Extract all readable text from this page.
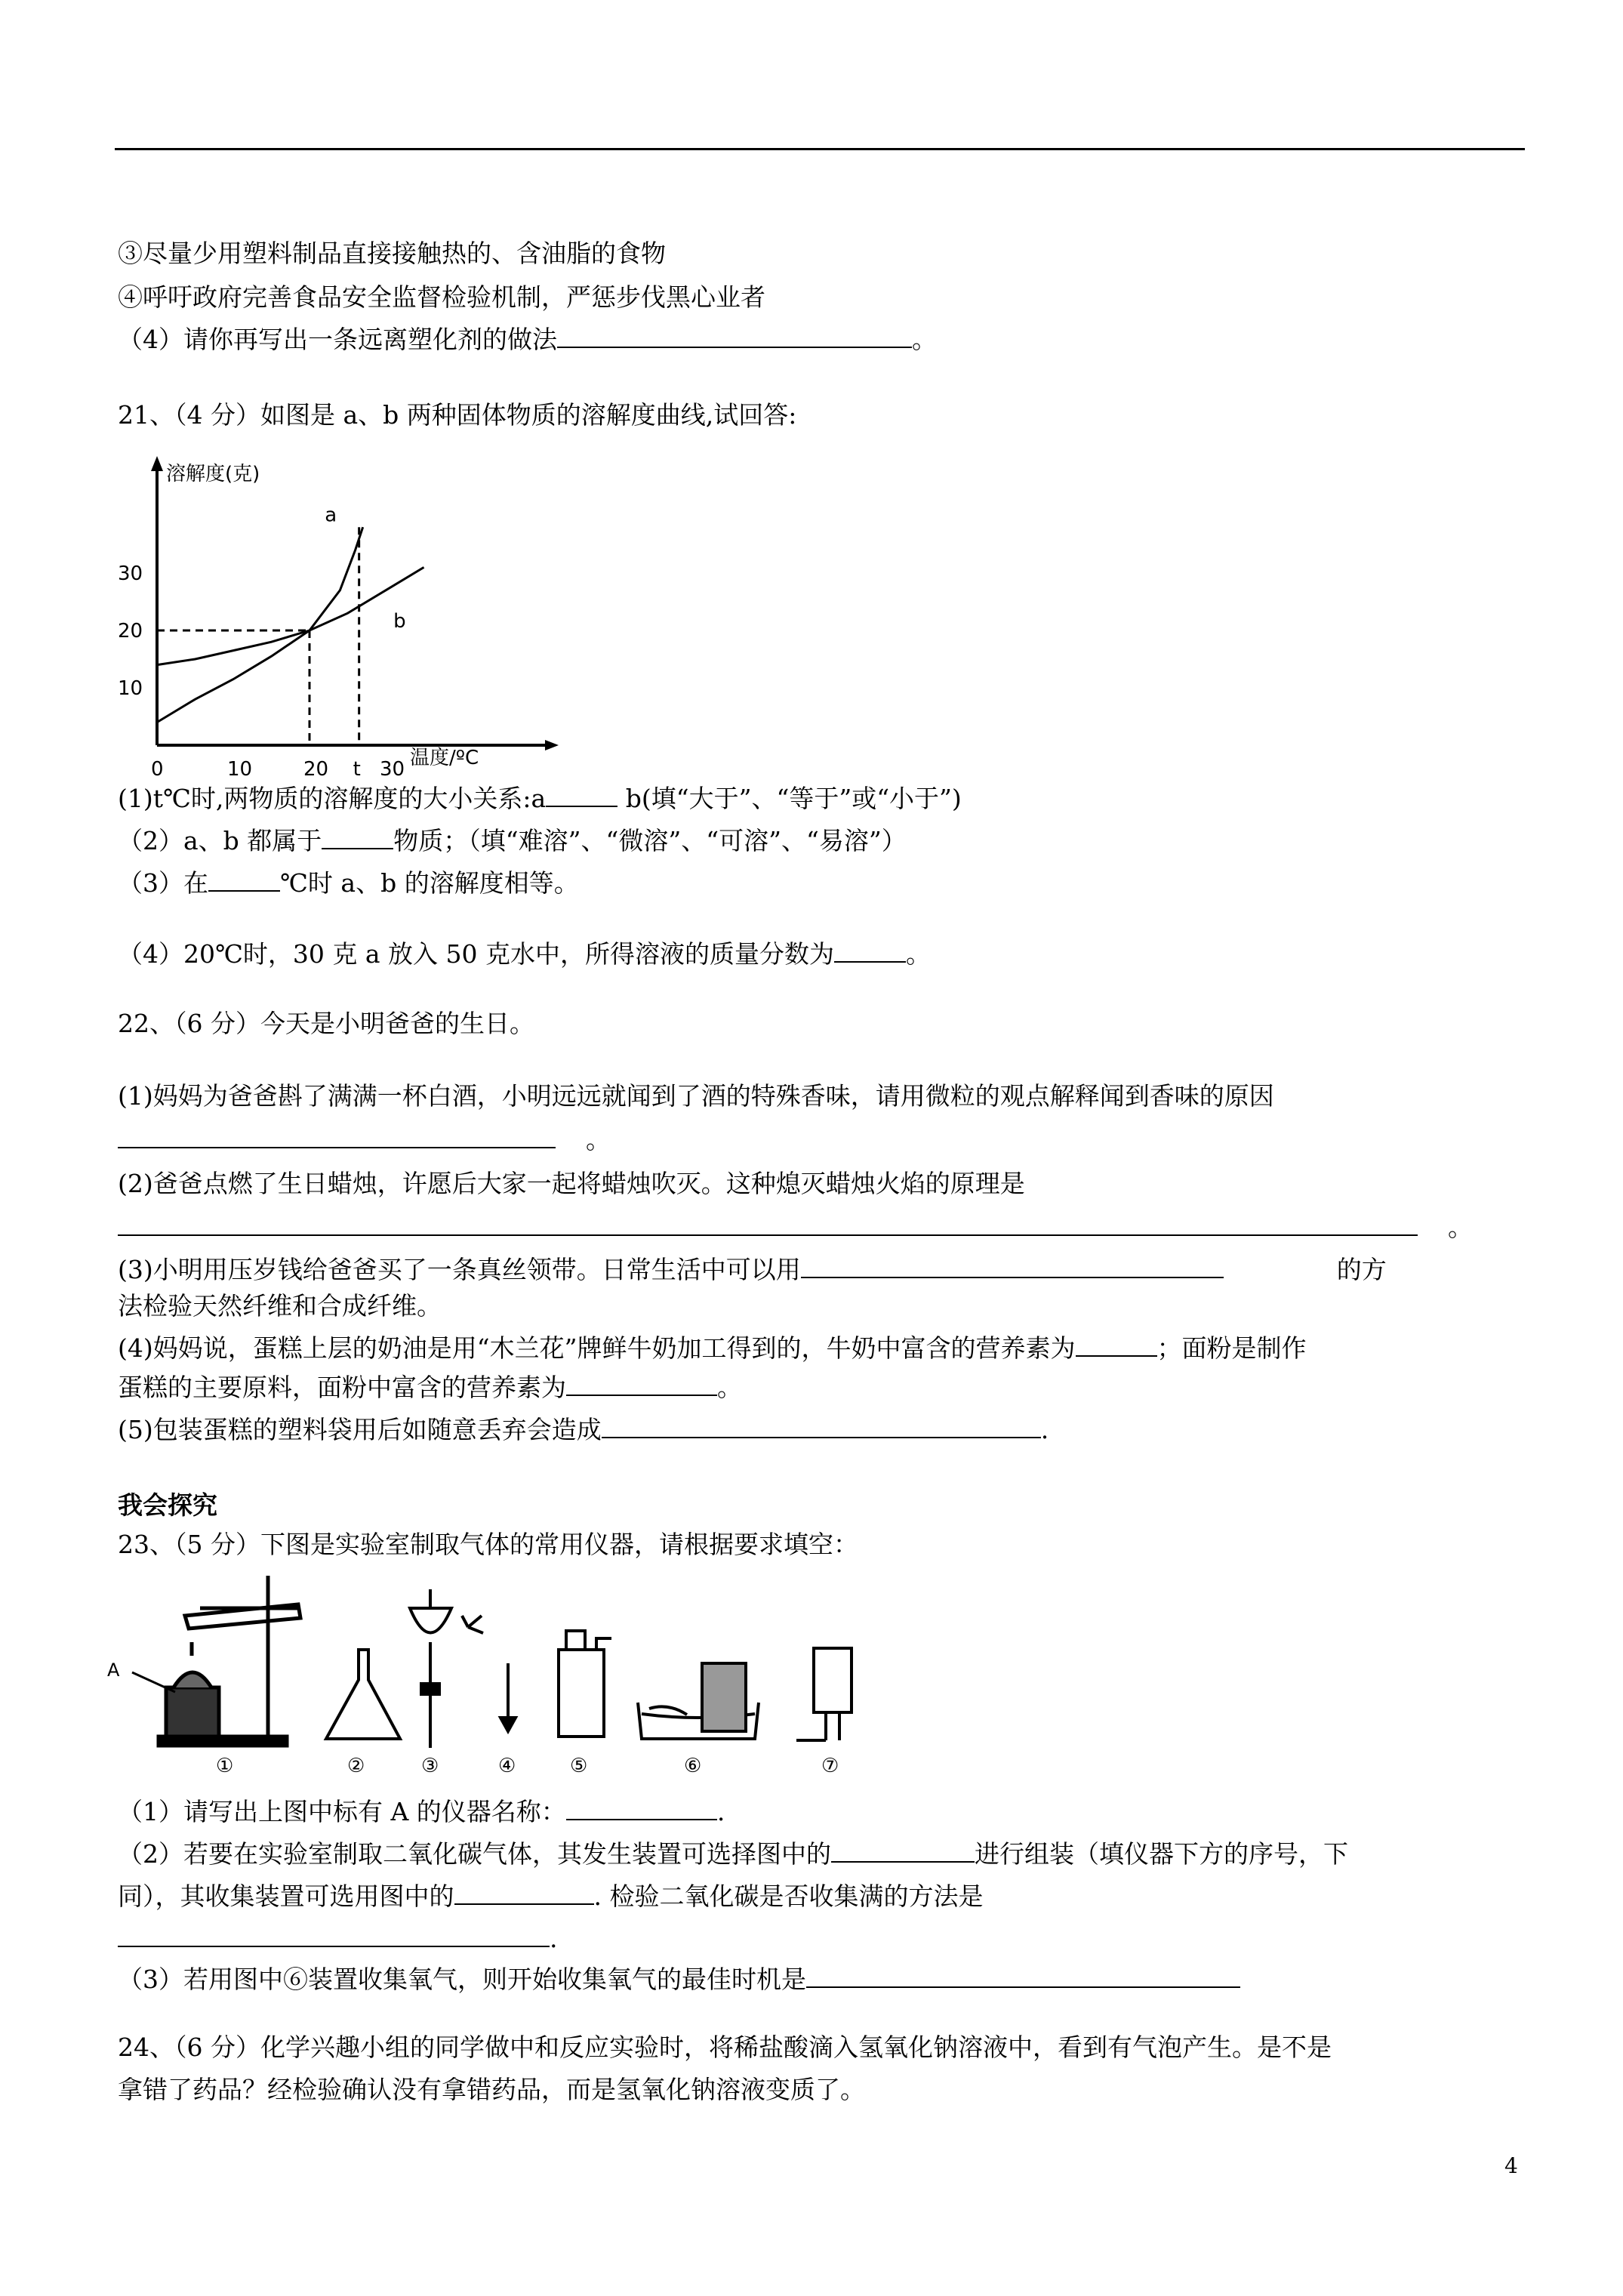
③尽量少用塑料制品直接接触热的、含油脂的食物
④呼吁政府完善食品安全监督检验机制，严惩步伐黑心业者
（4）请你再写出一条远离塑化剂的做法	。
21、（4 分）如图是 a、b 两种固体物质的溶解度曲线,试回答:
溶解度(克)
0	10	20 t 30
10
20
30
a
b
温度/ºC
(1)t℃时,两物质的溶解度的大小关系:a	b(填“大于”、“等于”或“小于”)
（2）a、b 都属于	物质；（填“难溶”、“微溶”、“可溶”、“易溶”）
（3）在	℃时 a、b 的溶解度相等。
（4）20℃时，30 克 a 放入 50 克水中，所得溶液的质量分数为	。
22、（6 分）今天是小明爸爸的生日。
(1)妈妈为爸爸斟了满满一杯白酒，小明远远就闻到了酒的特殊香味，请用微粒的观点解释闻到香味的原因
。
(2)爸爸点燃了生日蜡烛，许愿后大家一起将蜡烛吹灭。这种熄灭蜡烛火焰的原理是
。
(3)小明用压岁钱给爸爸买了一条真丝领带。日常生活中可以用	的方
法检验天然纤维和合成纤维。
(4)妈妈说，蛋糕上层的奶油是用“木兰花”牌鲜牛奶加工得到的，牛奶中富含的营养素为	；面粉是制作
蛋糕的主要原料，面粉中富含的营养素为	。
(5)包装蛋糕的塑料袋用后如随意丢弃会造成	.
我会探究
23、（5 分）下图是实验室制取气体的常用仪器，请根据要求填空：
A
①	②	③	④	⑤	⑥	⑦
（1）请写出上图中标有 A 的仪器名称：	.
（2）若要在实验室制取二氧化碳气体，其发生装置可选择图中的	进行组装（填仪器下方的序号，下
同），其收集装置可选用图中的	. 检验二氧化碳是否收集满的方法是
.
（3）若用图中⑥装置收集氧气，则开始收集氧气的最佳时机是
24、（6 分）化学兴趣小组的同学做中和反应实验时，将稀盐酸滴入氢氧化钠溶液中，看到有气泡产生。是不是
拿错了药品？经检验确认没有拿错药品，而是氢氧化钠溶液变质了。
4
